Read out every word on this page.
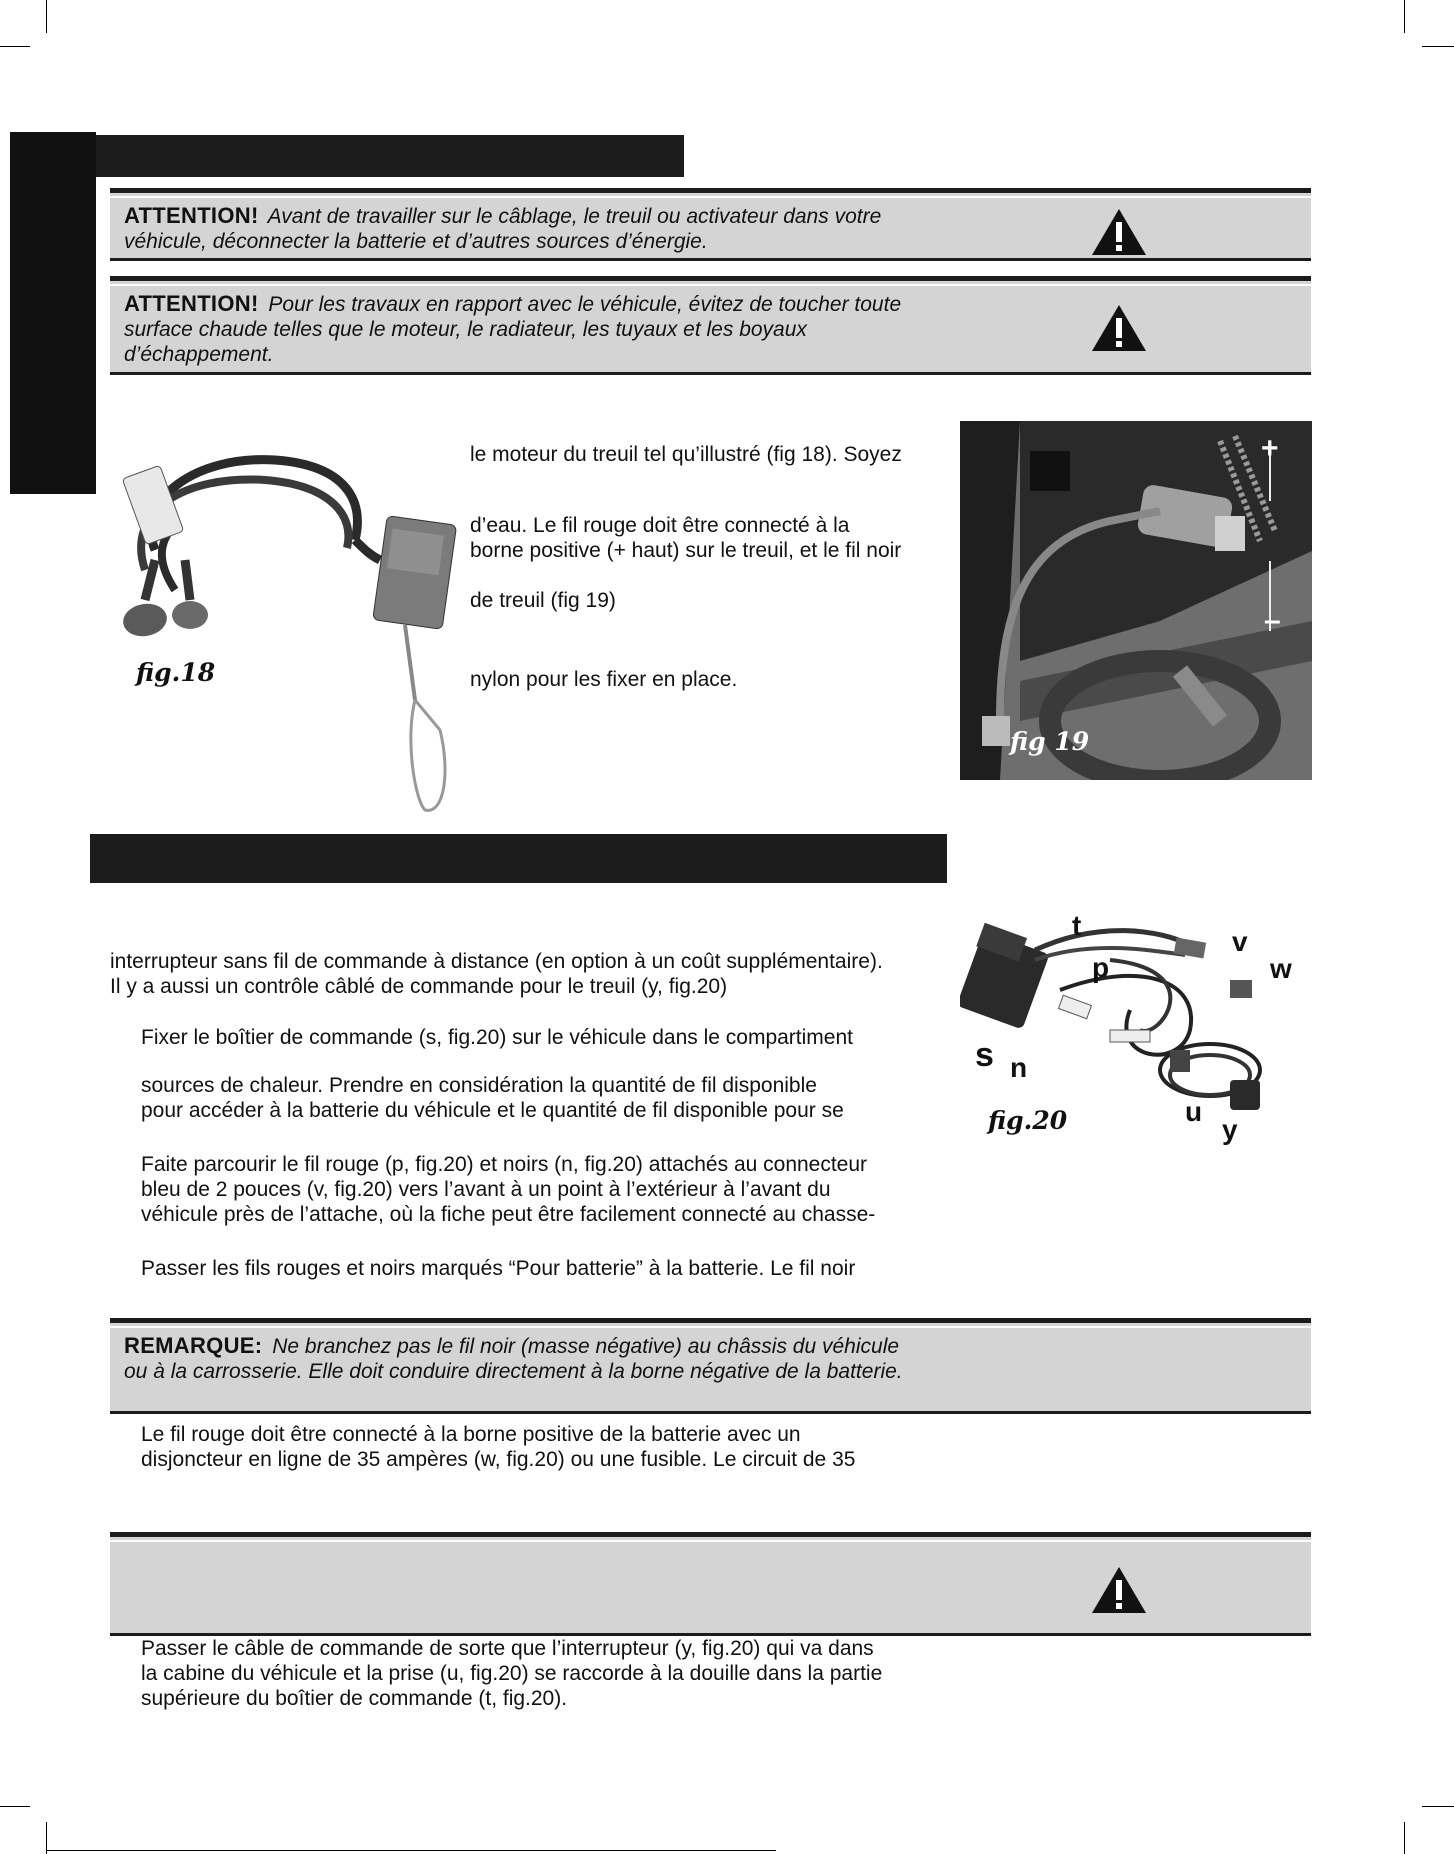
ATTENTION! Avant de travailler sur le câblage, le treuil ou activateur dans votre véhicule, déconnecter la batterie et d’autres sources d’énergie.
ATTENTION! Pour les travaux en rapport avec le véhicule, évitez de toucher toute surface chaude telles que le moteur, le radiateur, les tuyaux et les boyaux d’échappement.
fig.18
le moteur du treuil tel qu’illustré (fig 18). Soyez
d’eau. Le fil rouge doit être connecté à la
borne positive (+ haut) sur le treuil, et le fil noir
de treuil (fig 19)
nylon pour les fixer en place.
+
–
fig 19
interrupteur sans fil de commande à distance (en option à un coût supplémentaire).
Il y a aussi un contrôle câblé de commande pour le treuil (y, fig.20)
Fixer le boîtier de commande (s, fig.20) sur le véhicule dans le compartiment
sources de chaleur. Prendre en considération la quantité de fil disponible
pour accéder à la batterie du véhicule et le quantité de fil disponible pour se
Faite parcourir le fil rouge (p, fig.20) et noirs (n, fig.20) attachés au connecteur
bleu de 2 pouces (v, fig.20) vers l’avant à un point à l’extérieur à l’avant du
véhicule près de l’attache, où la fiche peut être facilement connecté au chasse-
Passer les fils rouges et noirs marqués “Pour batterie” à la batterie. Le fil noir
t
v
p	w
s n
u
y
fig.20
REMARQUE: Ne branchez pas le fil noir (masse négative) au châssis du véhicule ou à la carrosserie. Elle doit conduire directement à la borne négative de la batterie.
Le fil rouge doit être connecté à la borne positive de la batterie avec un
disjoncteur en ligne de 35 ampères (w, fig.20) ou une fusible. Le circuit de 35
Passer le câble de commande de sorte que l’interrupteur (y, fig.20) qui va dans
la cabine du véhicule et la prise (u, fig.20) se raccorde à la douille dans la partie
supérieure du boîtier de commande (t, fig.20).
